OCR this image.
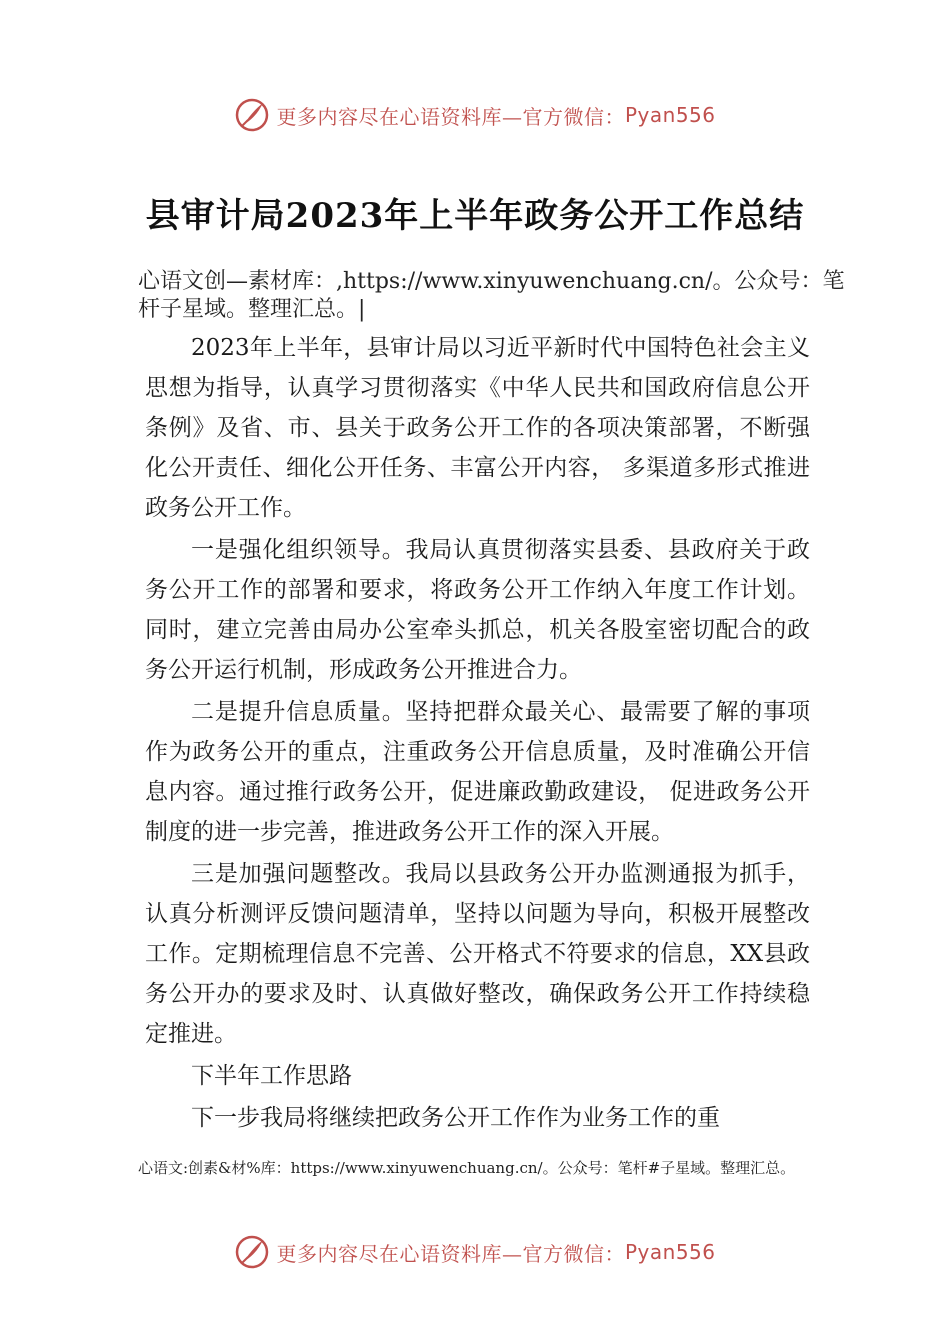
更多内容尽在心语资料库—官方微信： Pyan556
县审计局2023年上半年政务公开工作总结
心语文创—素材库：,https://www.xinyuwenchuang.cn/。公众号：笔杆子星域。整理汇总。|

2023年上半年，县审计局以习近平新时代中国特色社会主义思想为指导，认真学习贯彻落实《中华人民共和国政府信息公开条例》及省、市、县关于政务公开工作的各项决策部署，不断强化公开责任、细化公开任务、丰富公开内容， 多渠道多形式推进政务公开工作。

一是强化组织领导。我局认真贯彻落实县委、县政府关于政务公开工作的部署和要求，将政务公开工作纳入年度工作计划。同时，建立完善由局办公室牵头抓总，机关各股室密切配合的政务公开运行机制，形成政务公开推进合力。

二是提升信息质量。坚持把群众最关心、最需要了解的事项作为政务公开的重点，注重政务公开信息质量，及时准确公开信息内容。通过推行政务公开，促进廉政勤政建设， 促进政务公开制度的进一步完善，推进政务公开工作的深入开展。

三是加强问题整改。我局以县政务公开办监测通报为抓手，认真分析测评反馈问题清单，坚持以问题为导向，积极开展整改工作。定期梳理信息不完善、公开格式不符要求的信息，XX县政务公开办的要求及时、认真做好整改，确保政务公开工作持续稳定推进。

下半年工作思路

下一步我局将继续把政务公开工作作为业务工作的重

心语文:创素&材%库：https://www.xinyuwenchuang.cn/。公众号：笔杆#子星域。整理汇总。
更多内容尽在心语资料库—官方微信： Pyan556
